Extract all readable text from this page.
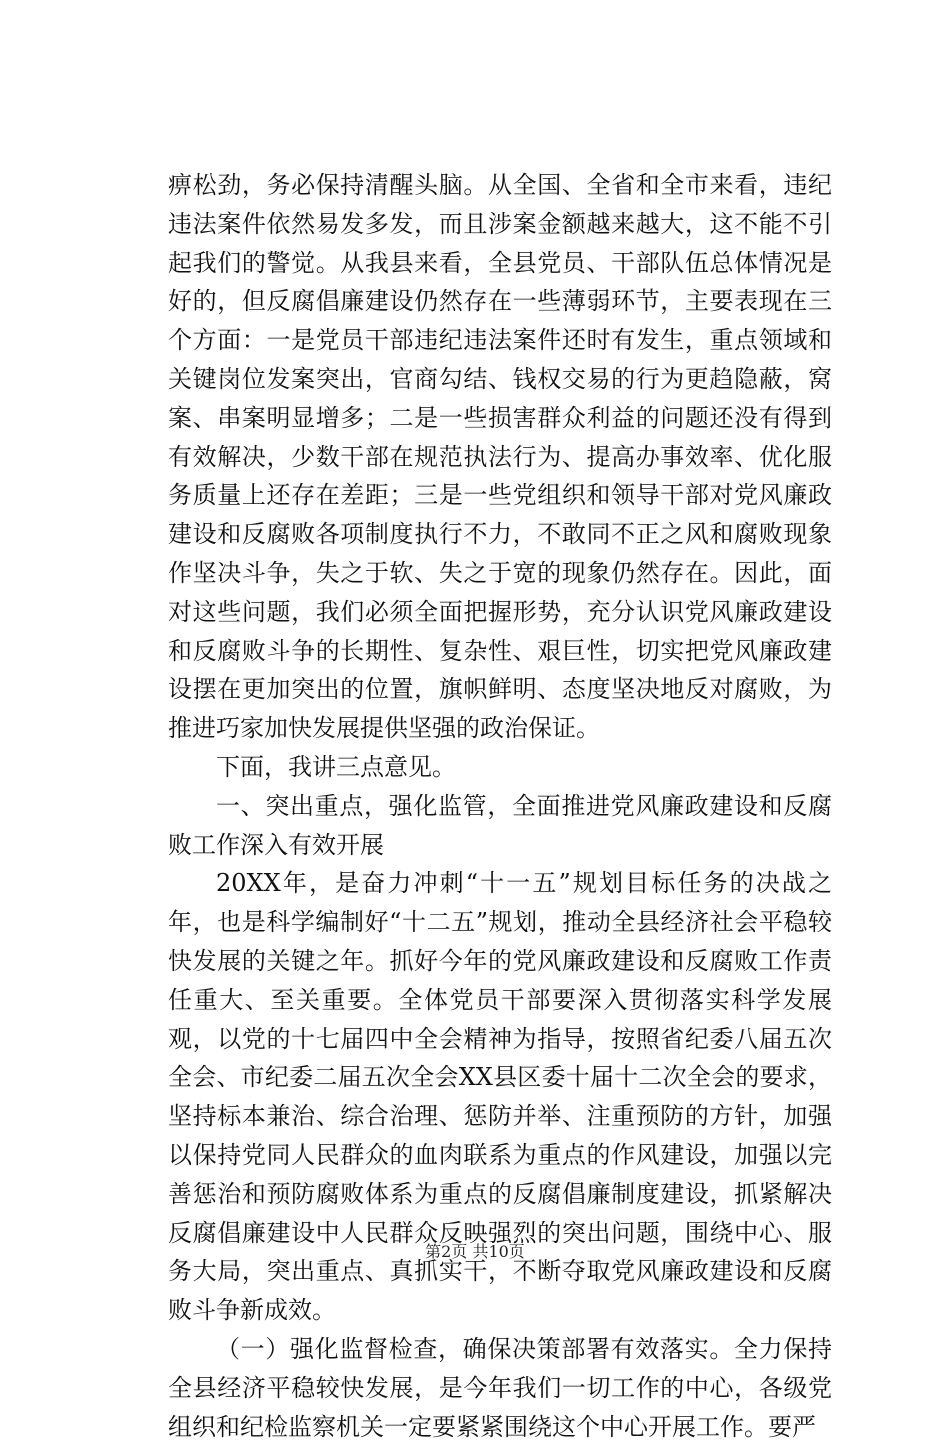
痹松劲，务必保持清醒头脑。从全国、全省和全市来看，违纪违法案件依然易发多发，而且涉案金额越来越大，这不能不引起我们的警觉。从我县来看，全县党员、干部队伍总体情况是好的，但反腐倡廉建设仍然存在一些薄弱环节，主要表现在三个方面：一是党员干部违纪违法案件还时有发生，重点领域和关键岗位发案突出，官商勾结、钱权交易的行为更趋隐蔽，窝案、串案明显增多；二是一些损害群众利益的问题还没有得到有效解决，少数干部在规范执法行为、提高办事效率、优化服务质量上还存在差距；三是一些党组织和领导干部对党风廉政建设和反腐败各项制度执行不力，不敢同不正之风和腐败现象作坚决斗争，失之于软、失之于宽的现象仍然存在。因此，面对这些问题，我们必须全面把握形势，充分认识党风廉政建设和反腐败斗争的长期性、复杂性、艰巨性，切实把党风廉政建设摆在更加突出的位置，旗帜鲜明、态度坚决地反对腐败，为推进巧家加快发展提供坚强的政治保证。

下面，我讲三点意见。

一、突出重点，强化监管，全面推进党风廉政建设和反腐败工作深入有效开展

20XX年，是奋力冲刺“十一五”规划目标任务的决战之年，也是科学编制好“十二五”规划，推动全县经济社会平稳较快发展的关键之年。抓好今年的党风廉政建设和反腐败工作责任重大、至关重要。全体党员干部要深入贯彻落实科学发展观，以党的十七届四中全会精神为指导，按照省纪委八届五次全会、市纪委二届五次全会XX县区委十届十二次全会的要求，坚持标本兼治、综合治理、惩防并举、注重预防的方针，加强以保持党同人民群众的血肉联系为重点的作风建设，加强以完善惩治和预防腐败体系为重点的反腐倡廉制度建设，抓紧解决反腐倡廉建设中人民群众反映强烈的突出问题，围绕中心、服务大局，突出重点、真抓实干，不断夺取党风廉政建设和反腐败斗争新成效。

（一）强化监督检查，确保决策部署有效落实。全力保持全县经济平稳较快发展，是今年我们一切工作的中心，各级党组织和纪检监察机关一定要紧紧围绕这个中心开展工作。要严

第2页 共10页
